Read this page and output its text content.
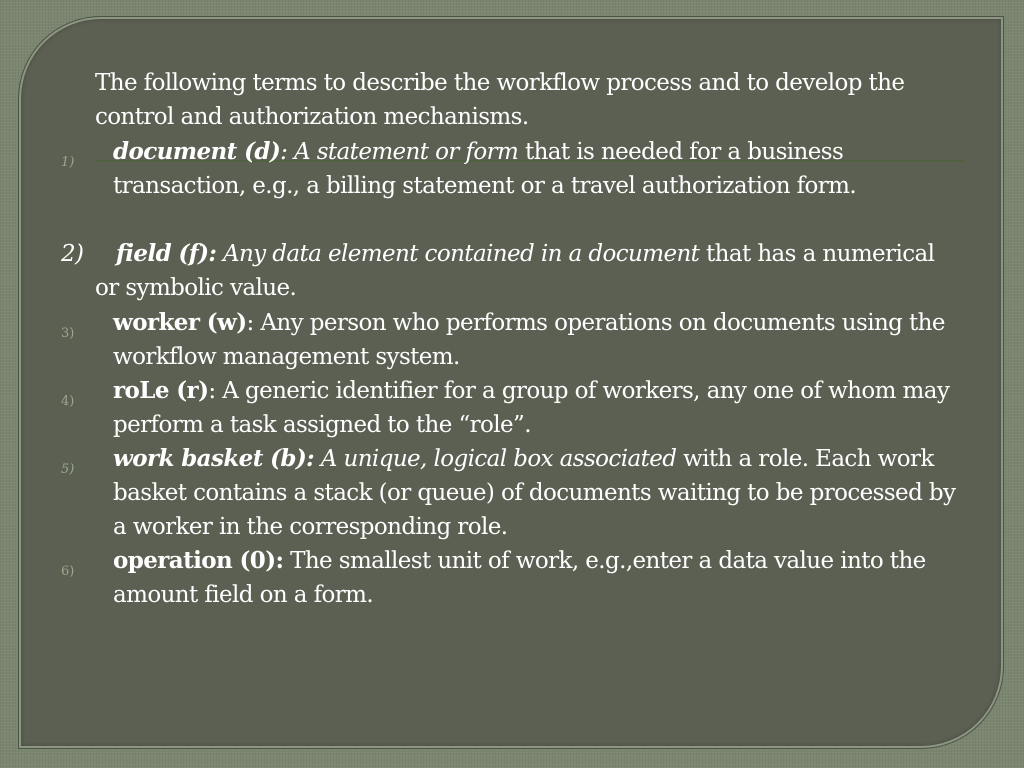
The following terms to describe the workflow process and to develop the control and authorization mechanisms.

1) document (d): A statement or form that is needed for a business transaction, e.g., a billing statement or a travel authorization form.

2)	field (f): Any data element contained in a document that has a numerical or symbolic value.

3) worker (w): Any person who performs operations on documents using the workflow management system.

4) roLe (r): A generic identifier for a group of workers, any one of whom may perform a task assigned to the “role”.

5) work basket (b): A unique, logical box associated with a role. Each work basket contains a stack (or queue) of documents waiting to be processed by a worker in the corresponding role.

6) operation (0): The smallest unit of work, e.g.,enter a data value into the amount field on a form.
